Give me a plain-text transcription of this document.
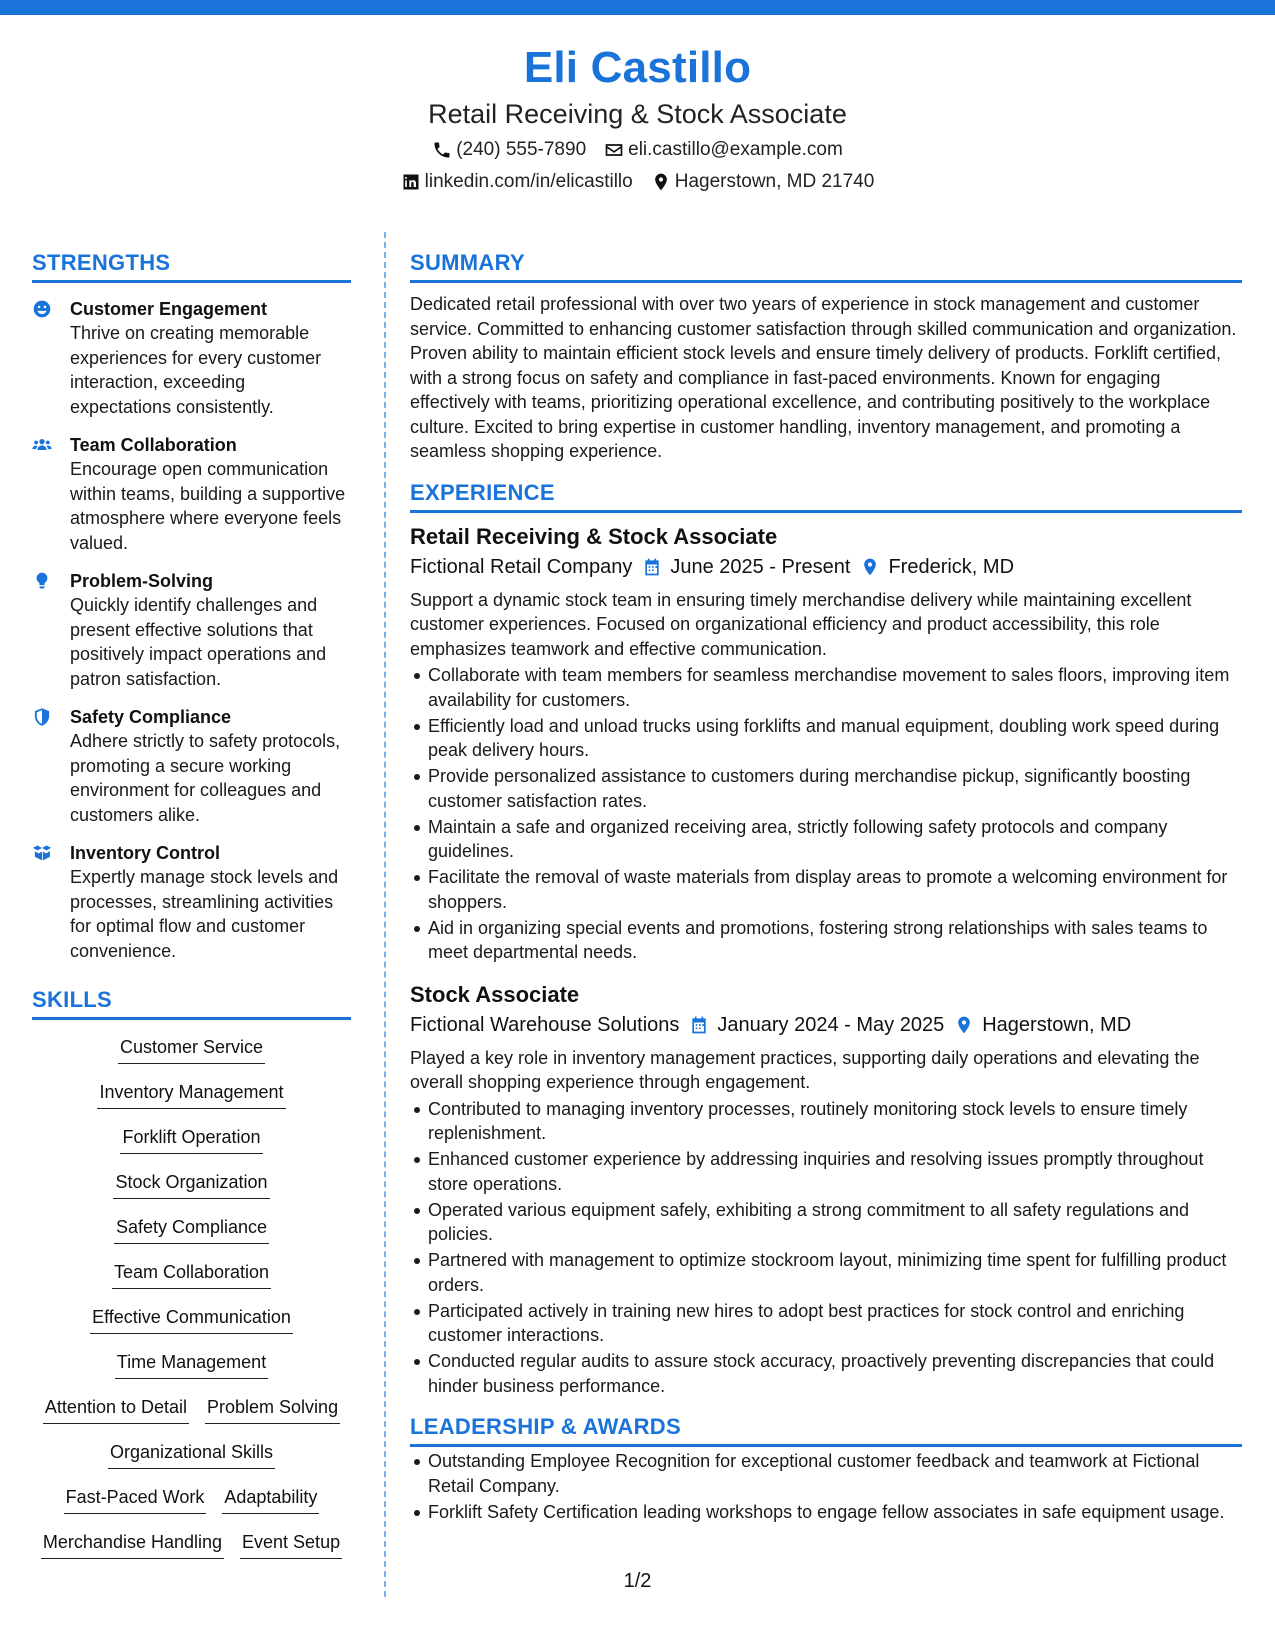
Eli Castillo
Retail Receiving & Stock Associate
(240) 555-7890 eli.castillo@example.com
linkedin.com/in/elicastillo Hagerstown, MD 21740
STRENGTHS
Customer Engagement
Thrive on creating memorable experiences for every customer interaction, exceeding expectations consistently.
Team Collaboration
Encourage open communication within teams, building a supportive atmosphere where everyone feels valued.
Problem-Solving
Quickly identify challenges and present effective solutions that positively impact operations and patron satisfaction.
Safety Compliance
Adhere strictly to safety protocols, promoting a secure working environment for colleagues and customers alike.
Inventory Control
Expertly manage stock levels and processes, streamlining activities for optimal flow and customer convenience.
SKILLS
Customer Service
Inventory Management
Forklift Operation
Stock Organization
Safety Compliance
Team Collaboration
Effective Communication
Time Management
Attention to Detail Problem Solving
Organizational Skills
Fast-Paced Work Adaptability
Merchandise Handling Event Setup
SUMMARY
Dedicated retail professional with over two years of experience in stock management and customer service. Committed to enhancing customer satisfaction through skilled communication and organization. Proven ability to maintain efficient stock levels and ensure timely delivery of products. Forklift certified, with a strong focus on safety and compliance in fast-paced environments. Known for engaging effectively with teams, prioritizing operational excellence, and contributing positively to the workplace culture. Excited to bring expertise in customer handling, inventory management, and promoting a seamless shopping experience.
EXPERIENCE
Retail Receiving & Stock Associate
Fictional Retail Company June 2025 - Present Frederick, MD
Support a dynamic stock team in ensuring timely merchandise delivery while maintaining excellent customer experiences. Focused on organizational efficiency and product accessibility, this role emphasizes teamwork and effective communication.
Collaborate with team members for seamless merchandise movement to sales floors, improving item availability for customers.
Efficiently load and unload trucks using forklifts and manual equipment, doubling work speed during peak delivery hours.
Provide personalized assistance to customers during merchandise pickup, significantly boosting customer satisfaction rates.
Maintain a safe and organized receiving area, strictly following safety protocols and company guidelines.
Facilitate the removal of waste materials from display areas to promote a welcoming environment for shoppers.
Aid in organizing special events and promotions, fostering strong relationships with sales teams to meet departmental needs.
Stock Associate
Fictional Warehouse Solutions January 2024 - May 2025 Hagerstown, MD
Played a key role in inventory management practices, supporting daily operations and elevating the overall shopping experience through engagement.
Contributed to managing inventory processes, routinely monitoring stock levels to ensure timely replenishment.
Enhanced customer experience by addressing inquiries and resolving issues promptly throughout store operations.
Operated various equipment safely, exhibiting a strong commitment to all safety regulations and policies.
Partnered with management to optimize stockroom layout, minimizing time spent for fulfilling product orders.
Participated actively in training new hires to adopt best practices for stock control and enriching customer interactions.
Conducted regular audits to assure stock accuracy, proactively preventing discrepancies that could hinder business performance.
LEADERSHIP & AWARDS
Outstanding Employee Recognition for exceptional customer feedback and teamwork at Fictional Retail Company.
Forklift Safety Certification leading workshops to engage fellow associates in safe equipment usage.
1/2
